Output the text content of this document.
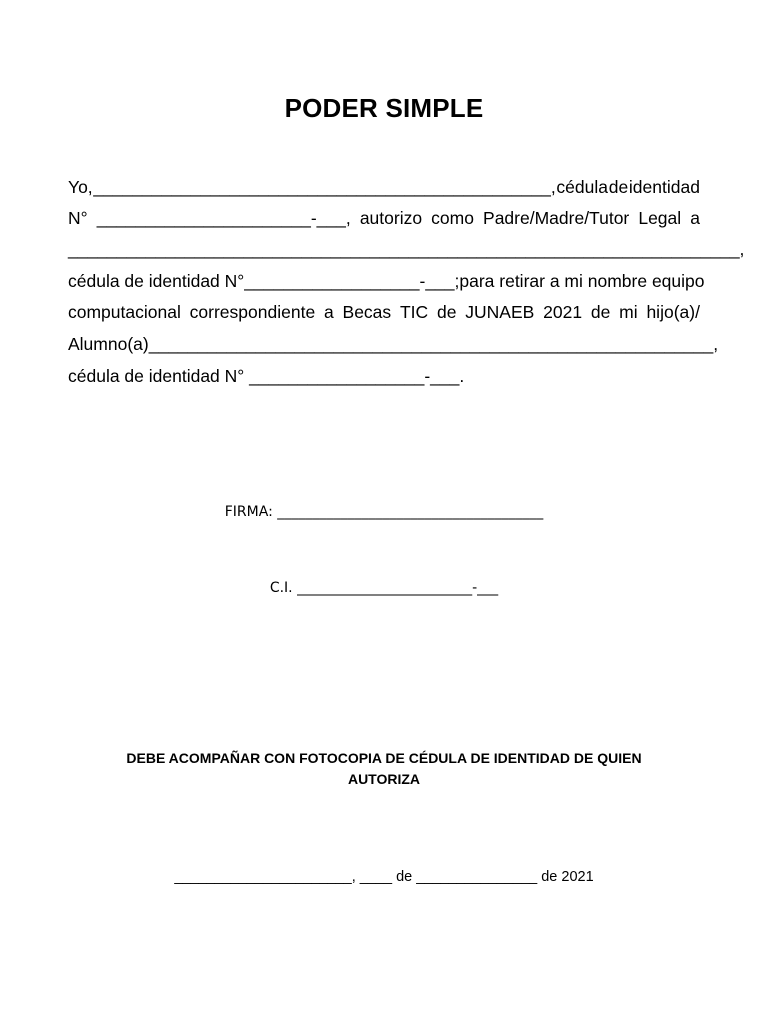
PODER SIMPLE
Yo, _______________________________________________, cédula de identidad
N° ______________________-___, autorizo como Padre/Madre/Tutor Legal a
_____________________________________________________________________,
cédula de identidad N° __________________-___; para retirar a mi nombre equipo
computacional correspondiente a Becas TIC de JUNAEB 2021 de mi hijo(a)/
Alumno(a)__________________________________________________________,
cédula de identidad N° __________________-___.
FIRMA: ______________________________________
C.I. _________________________-___
DEBE ACOMPAÑAR CON FOTOCOPIA DE CÉDULA DE IDENTIDAD DE QUIEN
AUTORIZA
______________________, ____ de _______________ de 2021
